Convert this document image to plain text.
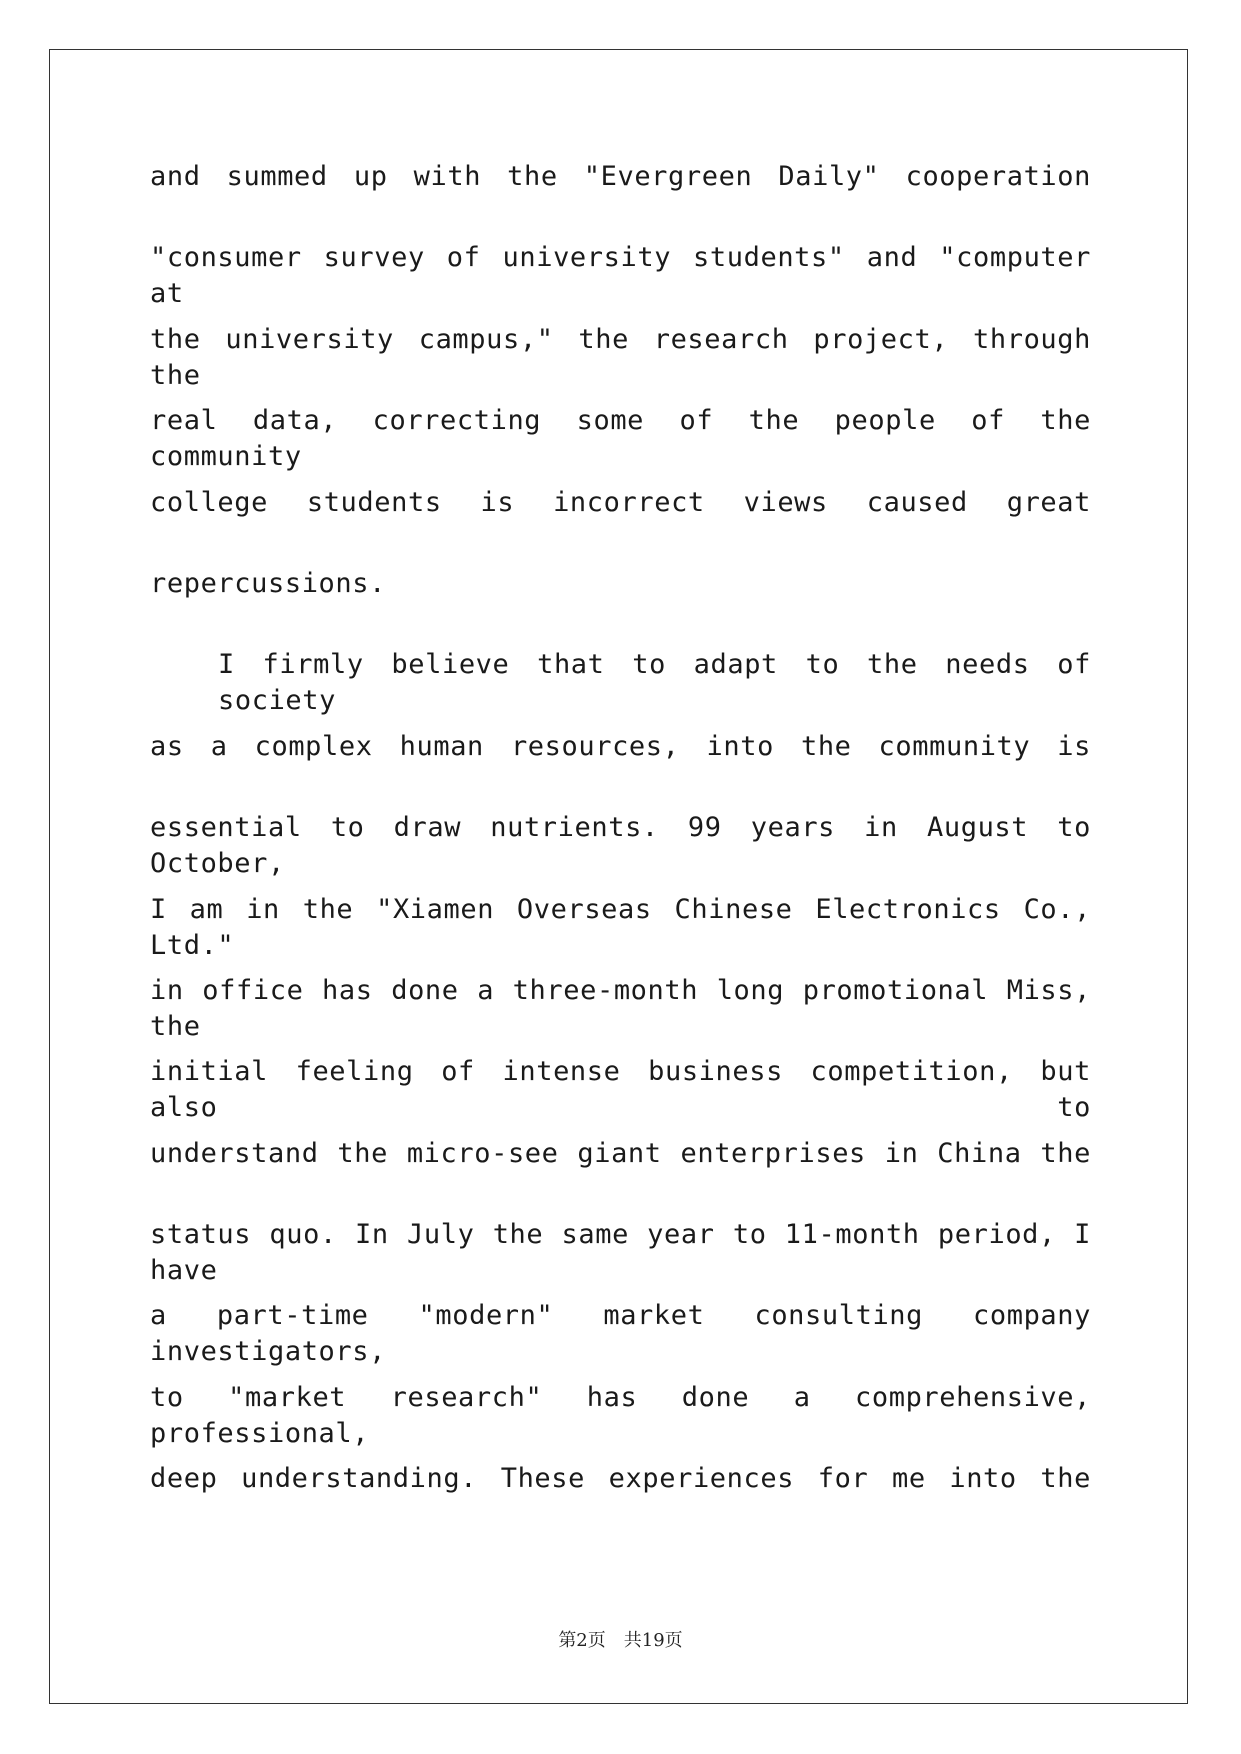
and summed up with the "Evergreen Daily" cooperation
"consumer survey of university students" and "computer at
the university campus," the research project, through the
real data, correcting some of the people of the community
college students is incorrect views caused great
repercussions.
I firmly believe that to adapt to the needs of society
as a complex human resources, into the community is
essential to draw nutrients. 99 years in August to October,
I am in the "Xiamen Overseas Chinese Electronics Co., Ltd."
in office has done a three-month long promotional Miss, the
initial feeling of intense business competition, but also to
understand the micro-see giant enterprises in China the
status quo. In July the same year to 11-month period, I have
a part-time "modern" market consulting company investigators,
to "market research" has done a comprehensive, professional,
deep understanding. These experiences for me into the
第2页 共19页
